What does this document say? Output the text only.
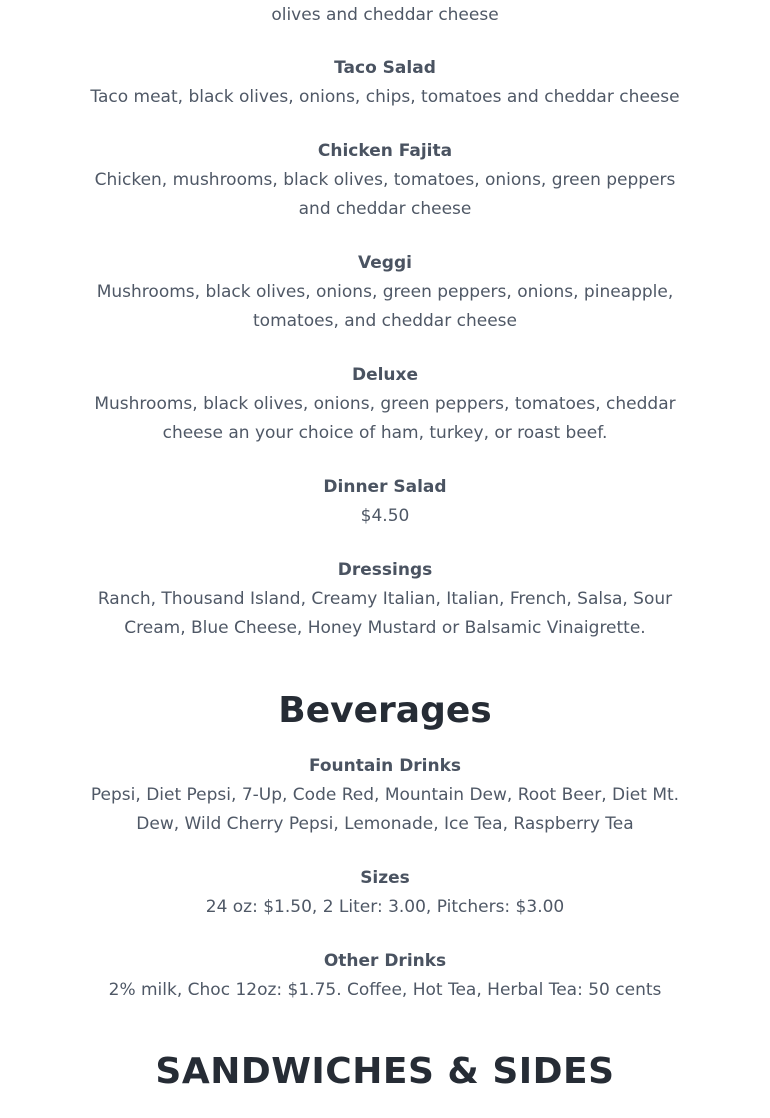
olives and cheddar cheese
Taco Salad
Taco meat, black olives, onions, chips, tomatoes and cheddar cheese
Chicken Fajita
Chicken, mushrooms, black olives, tomatoes, onions, green peppers
and cheddar cheese
Veggi
Mushrooms, black olives, onions, green peppers, onions, pineapple,
tomatoes, and cheddar cheese
Deluxe
Mushrooms, black olives, onions, green peppers, tomatoes, cheddar
cheese an your choice of ham, turkey, or roast beef.
Dinner Salad
$4.50
Dressings
Ranch, Thousand Island, Creamy Italian, Italian, French, Salsa, Sour
Cream, Blue Cheese, Honey Mustard or Balsamic Vinaigrette.
Beverages
Fountain Drinks
Pepsi, Diet Pepsi, 7-Up, Code Red, Mountain Dew, Root Beer, Diet Mt.
Dew, Wild Cherry Pepsi, Lemonade, Ice Tea, Raspberry Tea
Sizes
24 oz: $1.50, 2 Liter: 3.00, Pitchers: $3.00
Other Drinks
2% milk, Choc 12oz: $1.75. Coffee, Hot Tea, Herbal Tea: 50 cents
SANDWICHES & SIDES
